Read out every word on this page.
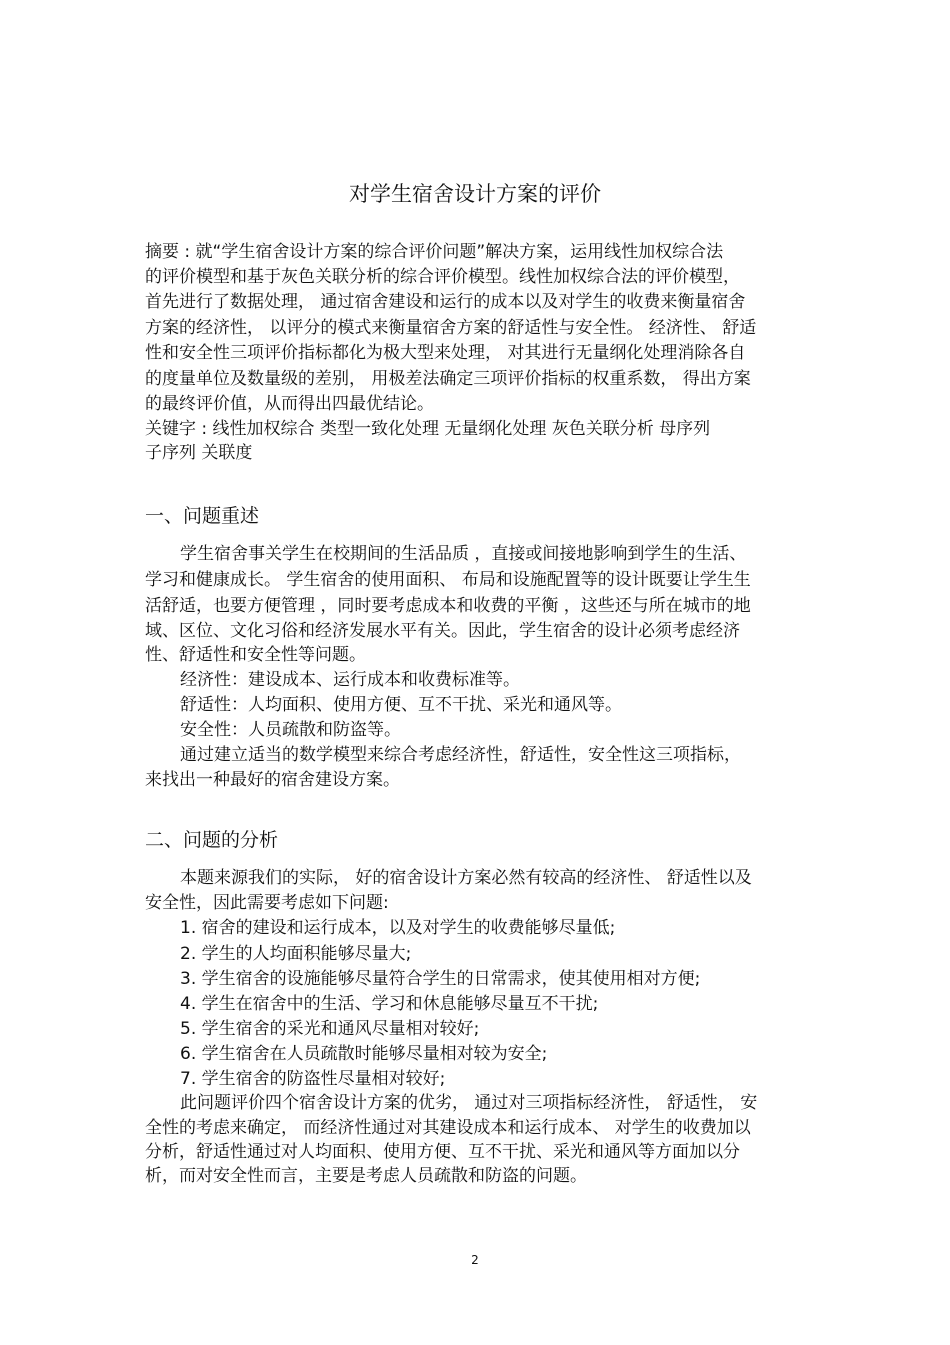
对学生宿舍设计方案的评价
摘要 : 就“学生宿舍设计方案的综合评价问题”解决方案，运用线性加权综合法
的评价模型和基于灰色关联分析的综合评价模型。线性加权综合法的评价模型，
首先进行了数据处理， 通过宿舍建设和运行的成本以及对学生的收费来衡量宿舍
方案的经济性， 以评分的模式来衡量宿舍方案的舒适性与安全性。 经济性、 舒适
性和安全性三项评价指标都化为极大型来处理， 对其进行无量纲化处理消除各自
的度量单位及数量级的差别， 用极差法确定三项评价指标的权重系数， 得出方案
的最终评价值，从而得出四最优结论。
关键字 : 线性加权综合 类型一致化处理 无量纲化处理 灰色关联分析 母序列
子序列 关联度
一、问题重述
学生宿舍事关学生在校期间的生活品质 ，直接或间接地影响到学生的生活、
学习和健康成长。 学生宿舍的使用面积、 布局和设施配置等的设计既要让学生生
活舒适，也要方便管理 ，同时要考虑成本和收费的平衡 ，这些还与所在城市的地
域、区位、文化习俗和经济发展水平有关。因此，学生宿舍的设计必须考虑经济
性、舒适性和安全性等问题。
经济性：建设成本、运行成本和收费标准等。
舒适性：人均面积、使用方便、互不干扰、采光和通风等。
安全性：人员疏散和防盗等。
通过建立适当的数学模型来综合考虑经济性，舒适性，安全性这三项指标，
来找出一种最好的宿舍建设方案。
二、问题的分析
本题来源我们的实际， 好的宿舍设计方案必然有较高的经济性、 舒适性以及
安全性，因此需要考虑如下问题:
1. 宿舍的建设和运行成本，以及对学生的收费能够尽量低;
2. 学生的人均面积能够尽量大;
3. 学生宿舍的设施能够尽量符合学生的日常需求，使其使用相对方便;
4. 学生在宿舍中的生活、学习和休息能够尽量互不干扰;
5. 学生宿舍的采光和通风尽量相对较好;
6. 学生宿舍在人员疏散时能够尽量相对较为安全;
7. 学生宿舍的防盗性尽量相对较好;
此问题评价四个宿舍设计方案的优劣， 通过对三项指标经济性， 舒适性， 安
全性的考虑来确定， 而经济性通过对其建设成本和运行成本、 对学生的收费加以
分析，舒适性通过对人均面积、使用方便、互不干扰、采光和通风等方面加以分
析，而对安全性而言，主要是考虑人员疏散和防盗的问题。
2
